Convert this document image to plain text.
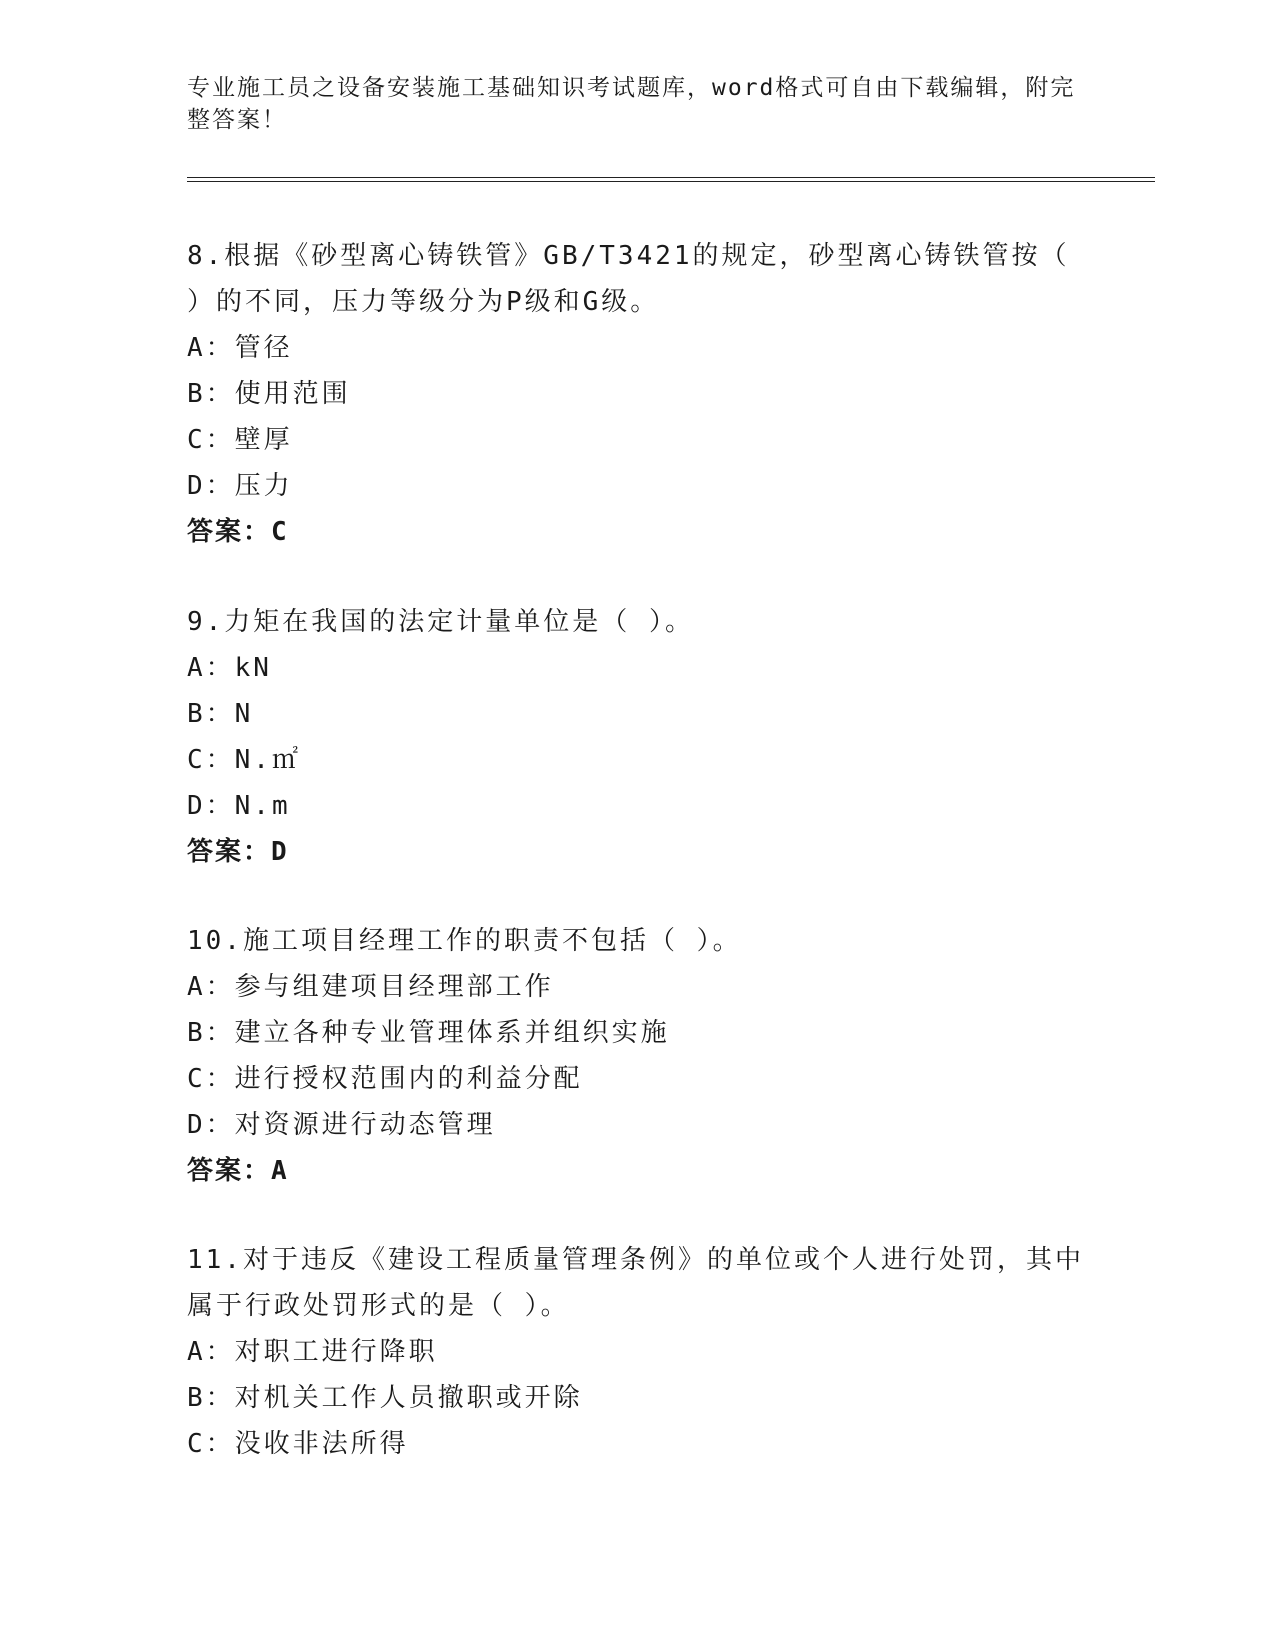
专业施工员之设备安装施工基础知识考试题库，word格式可自由下载编辑，附完整答案！

8.根据《砂型离心铸铁管》GB/T3421的规定，砂型离心铸铁管按（ ）的不同，压力等级分为P级和G级。

A：管径

B：使用范围

C：壁厚

D：压力

答案：C

9.力矩在我国的法定计量单位是（ ）。

A：kN

B：N

C：N.㎡

D：N.m

答案：D

10.施工项目经理工作的职责不包括（ ）。

A：参与组建项目经理部工作

B：建立各种专业管理体系并组织实施

C：进行授权范围内的利益分配

D：对资源进行动态管理

答案：A

11.对于违反《建设工程质量管理条例》的单位或个人进行处罚，其中属于行政处罚形式的是（ ）。

A：对职工进行降职

B：对机关工作人员撤职或开除

C：没收非法所得
